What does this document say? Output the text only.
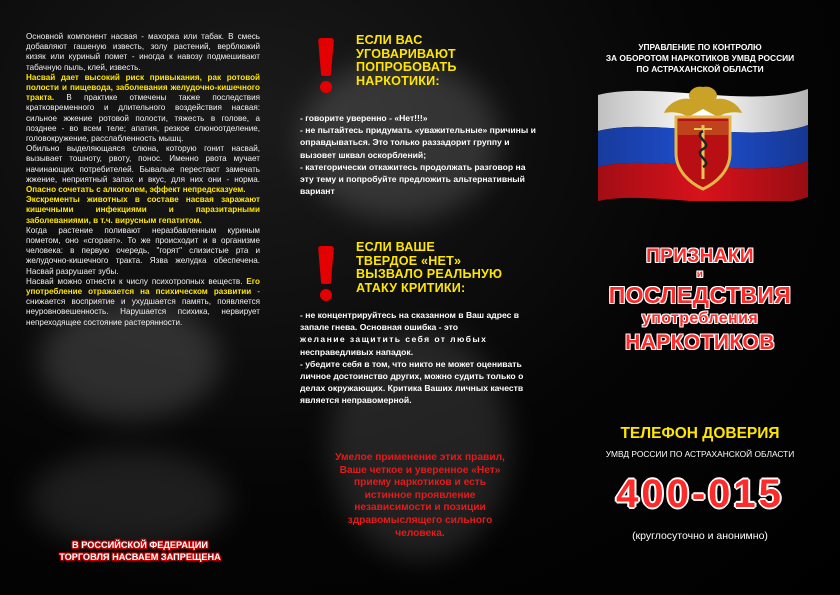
Основной компонент насвая - махорка или табак. В смесь добавляют гашеную известь, золу растений, верблюжий кизяк или куриный помет - иногда к навозу подмешивают табачную пыль, клей, известь.

Насвай дает высокий риск привыкания, рак ротовой полости и пищевода, заболевания желудочно-кишечного тракта. В практике отмечены также последствия кратковременного и длительного воздействия насвая: сильное жжение ротовой полости, тяжесть в голове, а позднее - во всем теле; апатия, резкое слюноотделение, головокружение, расслабленность мышц.

Обильно выделяющаяся слюна, которую гонит насвай, вызывает тошноту, рвоту, понос. Именно рвота мучает начинающих потребителей. Бывалые перестают замечать жжение, неприятный запах и вкус, для них они - норма. Опасно сочетать с алкоголем, эффект непредсказуем.

Экскременты животных в составе насвая заражают кишечными инфекциями и паразитарными заболеваниями, в т.ч. вирусным гепатитом.

Когда растение поливают неразбавленным куриным пометом, оно «сгорает». То же происходит и в организме человека: в первую очередь, "горят" слизистые рта и желудочно-кишечного тракта. Язва желудка обеспечена. Насвай разрушает зубы.

Насвай можно отнести к числу психотропных веществ. Его употребление отражается на психическом развитии - снижается восприятие и ухудшается память, появляется неуровновешенность. Нарушается психика, нервирует непреходящее состояние растерянности.

В РОССИЙСКОЙ ФЕДЕРАЦИИ
ТОРГОВЛЯ НАСВАЕМ ЗАПРЕЩЕНА
ЕСЛИ ВАС
УГОВАРИВАЮТ
ПОПРОБОВАТЬ
НАРКОТИКИ:

- говорите уверенно - «Нет!!!»

- не пытайтесь придумать «уважительные» причины и оправдываться. Это только раззадорит группу и вызовет шквал оскорблений;

- категорически откажитесь продолжать разговор на эту тему и попробуйте предложить альтернативный вариант

ЕСЛИ ВАШЕ
ТВЕРДОЕ «НЕТ»
ВЫЗВАЛО РЕАЛЬНУЮ
АТАКУ КРИТИКИ:

- не концентрируйтесь на сказанном в Ваш адрес в запале гнева. Основная ошибка - это

желание защитить себя от любых

несправедливых нападок.

- убедите себя в том, что никто не может оценивать личное достоинство других, можно судить только о делах окружающих. Критика Ваших личных качеств является неправомерной.

Умелое применение этих правил,
Ваше четкое и уверенное «Нет»
приему наркотиков и есть
истинное проявление
независимости и позиции
здравомыслящего сильного
человека.
УПРАВЛЕНИЕ ПО КОНТРОЛЮ
ЗА ОБОРОТОМ НАРКОТИКОВ УМВД РОССИИ
ПО АСТРАХАНСКОЙ ОБЛАСТИ
ПРИЗНАКИ
и
ПОСЛЕДСТВИЯ
употребления
НАРКОТИКОВ
ТЕЛЕФОН ДОВЕРИЯ
УМВД РОССИИ ПО АСТРАХАНСКОЙ ОБЛАСТИ
400-015
(круглосуточно и анонимно)
